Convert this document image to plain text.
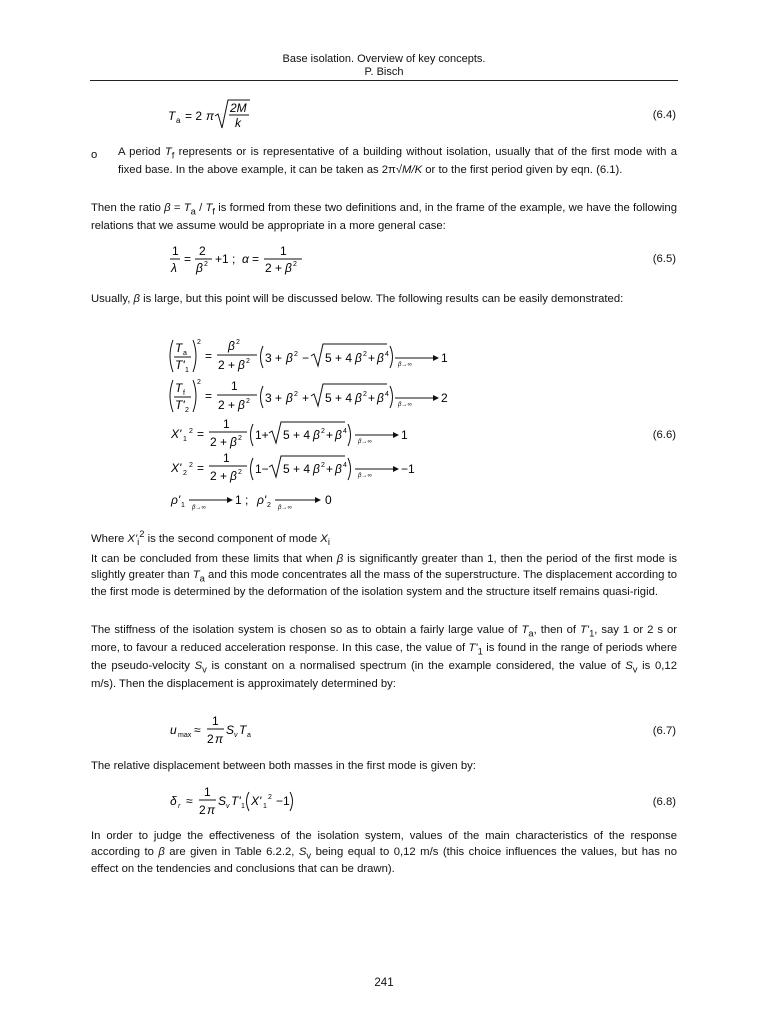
Base isolation. Overview of key concepts.
P. Bisch
T a = 2 π
2M
k
(6.4)
o A period $T_f$ represents or is representative of a building without isolation, usually that of the first mode with a fixed base. In the above example, it can be taken as 2π√M/K or to the first period given by eqn. (6.1).
Then the ratio $\beta = T_a / T_f$ is formed from these two definitions and, in the frame of the example, we have the following relations that we assume would be appropriate in a more general case:
1
λ
=
2
β 2 +1 ; α =
1
2 + β 2	(6.5)
Usually, β is large, but this point will be discussed below. The following results can be easily demonstrated:
T a
T' 1
2
=
β 2
2 + β 2 3 + β 2 − 5 + 4 β 2 + β 4
β→∞ 1
T f
T' 2
2
=
1
2 + β 2 3 + β 2 + 5 + 4 β 2 + β 4
β→∞ 2
X' 1
2 =
1
2 + β 2 1+ 5 + 4 β 2 + β 4
β→∞ 1
X' 2
2 =
1
2 + β 2 1− 5 + 4 β 2 + β 4
β→∞ −1
ρ' 1 β→∞
1 ; ρ' 2 β→∞
0
(6.6)
Where $X'_i^2$ is the second component of mode $X_i$
It can be concluded from these limits that when β is significantly greater than 1, then the period of the first mode is slightly greater than $T_a$ and this mode concentrates all the mass of the superstructure. The displacement according to the first mode is determined by the deformation of the isolation system and the structure itself remains quasi-rigid.
The stiffness of the isolation system is chosen so as to obtain a fairly large value of $T_a$, then of $T'_1$, say 1 or 2 s or more, to favour a reduced acceleration response. In this case, the value of $T'_1$ is found in the range of periods where the pseudo-velocity $S_v$ is constant on a normalised spectrum (in the example considered, the value of $S_v$ is 0,12 m/s). Then the displacement is approximately determined by:
u max ≈
1
2 π
S v T a	(6.7)
The relative displacement between both masses in the first mode is given by:
δ r ≈
1
2 π
S v T' 1 X' 1
2 −1	(6.8)
In order to judge the effectiveness of the isolation system, values of the main characteristics of the response according to β are given in Table 6.2.2, $S_v$ being equal to 0,12 m/s (this choice influences the values, but has no effect on the tendencies and conclusions that can be drawn).
241
